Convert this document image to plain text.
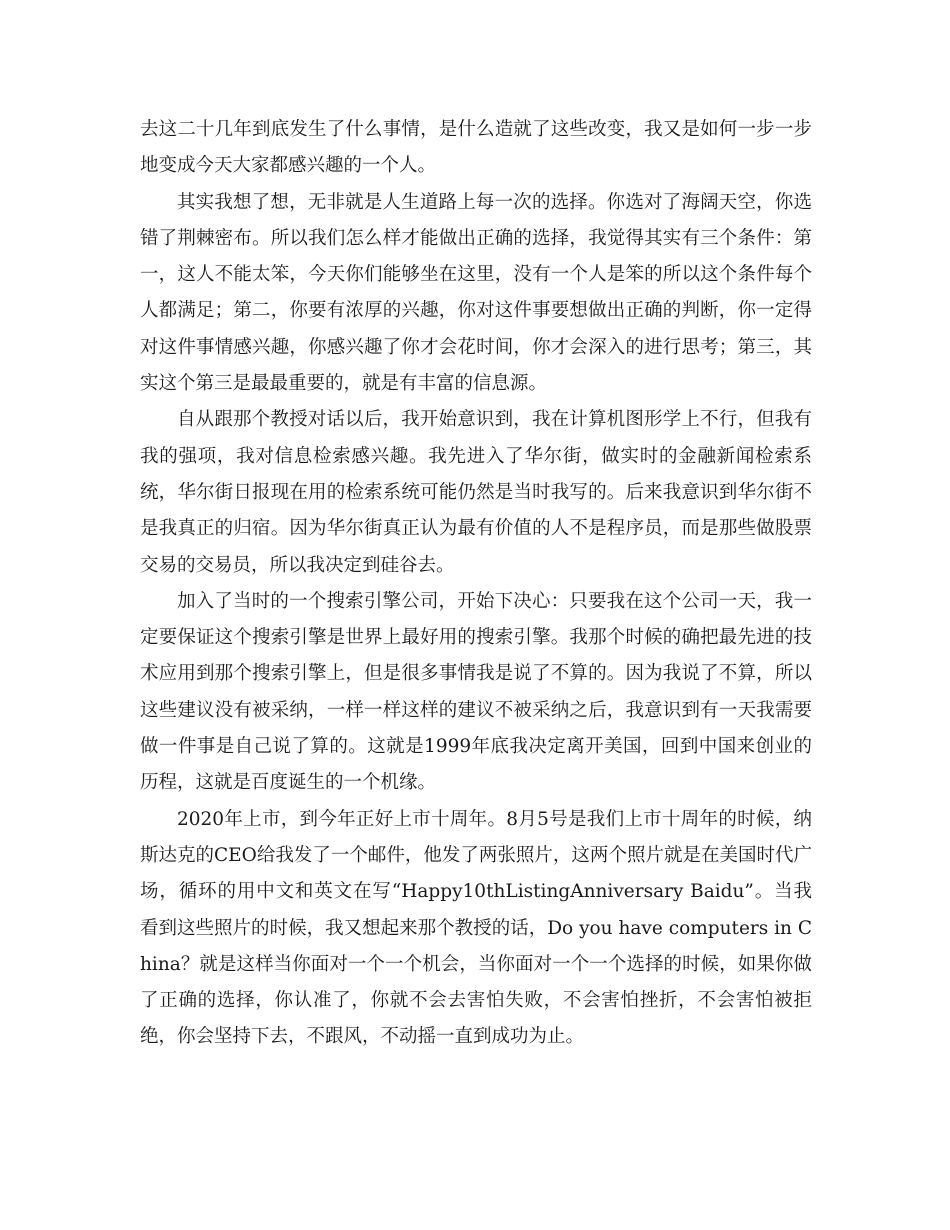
去这二十几年到底发生了什么事情，是什么造就了这些改变，我又是如何一步一步地变成今天大家都感兴趣的一个人。

其实我想了想，无非就是人生道路上每一次的选择。你选对了海阔天空，你选错了荆棘密布。所以我们怎么样才能做出正确的选择，我觉得其实有三个条件：第一，这人不能太笨，今天你们能够坐在这里，没有一个人是笨的所以这个条件每个人都满足；第二，你要有浓厚的兴趣，你对这件事要想做出正确的判断，你一定得对这件事情感兴趣，你感兴趣了你才会花时间，你才会深入的进行思考；第三，其实这个第三是最最重要的，就是有丰富的信息源。

自从跟那个教授对话以后，我开始意识到，我在计算机图形学上不行，但我有我的强项，我对信息检索感兴趣。我先进入了华尔街，做实时的金融新闻检索系统，华尔街日报现在用的检索系统可能仍然是当时我写的。后来我意识到华尔街不是我真正的归宿。因为华尔街真正认为最有价值的人不是程序员，而是那些做股票交易的交易员，所以我决定到硅谷去。

加入了当时的一个搜索引擎公司，开始下决心：只要我在这个公司一天，我一定要保证这个搜索引擎是世界上最好用的搜索引擎。我那个时候的确把最先进的技术应用到那个搜索引擎上，但是很多事情我是说了不算的。因为我说了不算，所以这些建议没有被采纳，一样一样这样的建议不被采纳之后，我意识到有一天我需要做一件事是自己说了算的。这就是1999年底我决定离开美国，回到中国来创业的历程，这就是百度诞生的一个机缘。

2020年上市，到今年正好上市十周年。8月5号是我们上市十周年的时候，纳斯达克的CEO给我发了一个邮件，他发了两张照片，这两个照片就是在美国时代广场，循环的用中文和英文在写“Happy10thListingAnniversary Baidu”。当我看到这些照片的时候，我又想起来那个教授的话，Do you have computers in China？就是这样当你面对一个一个机会，当你面对一个一个选择的时候，如果你做了正确的选择，你认准了，你就不会去害怕失败，不会害怕挫折，不会害怕被拒绝，你会坚持下去，不跟风，不动摇一直到成功为止。
